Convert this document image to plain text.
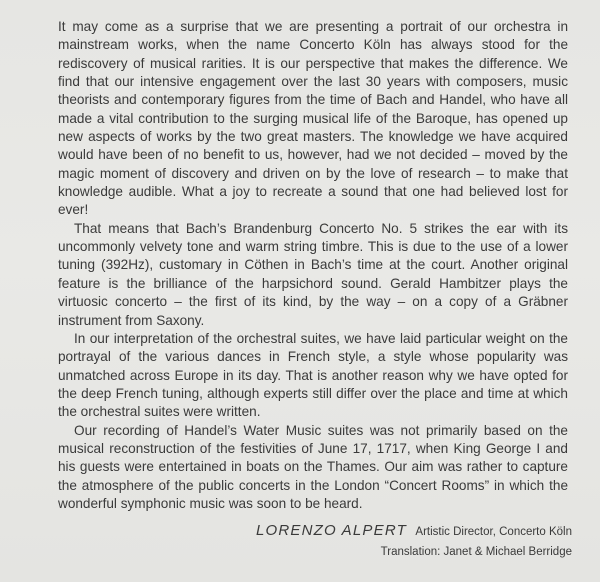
It may come as a surprise that we are presenting a portrait of our orchestra in mainstream works, when the name Concerto Köln has always stood for the rediscovery of musical rarities. It is our perspective that makes the difference. We find that our intensive engagement over the last 30 years with composers, music theorists and contemporary figures from the time of Bach and Handel, who have all made a vital contribution to the surging musical life of the Baroque, has opened up new aspects of works by the two great masters. The knowledge we have acquired would have been of no benefit to us, however, had we not decided – moved by the magic moment of discovery and driven on by the love of research – to make that knowledge audible. What a joy to recreate a sound that one had believed lost for ever!

That means that Bach’s Brandenburg Concerto No. 5 strikes the ear with its uncommonly velvety tone and warm string timbre. This is due to the use of a lower tuning (392Hz), customary in Cöthen in Bach’s time at the court. Another original feature is the brilliance of the harpsichord sound. Gerald Hambitzer plays the virtuosic concerto – the first of its kind, by the way – on a copy of a Gräbner instrument from Saxony.

In our interpretation of the orchestral suites, we have laid particular weight on the portrayal of the various dances in French style, a style whose popularity was unmatched across Europe in its day. That is another reason why we have opted for the deep French tuning, although experts still differ over the place and time at which the orchestral suites were written.

Our recording of Handel’s Water Music suites was not primarily based on the musical reconstruction of the festivities of June 17, 1717, when King George I and his guests were entertained in boats on the Thames. Our aim was rather to capture the atmosphere of the public concerts in the London “Concert Rooms” in which the wonderful symphonic music was soon to be heard.

LORENZO ALPERT Artistic Director, Concerto Köln
Translation: Janet & Michael Berridge
